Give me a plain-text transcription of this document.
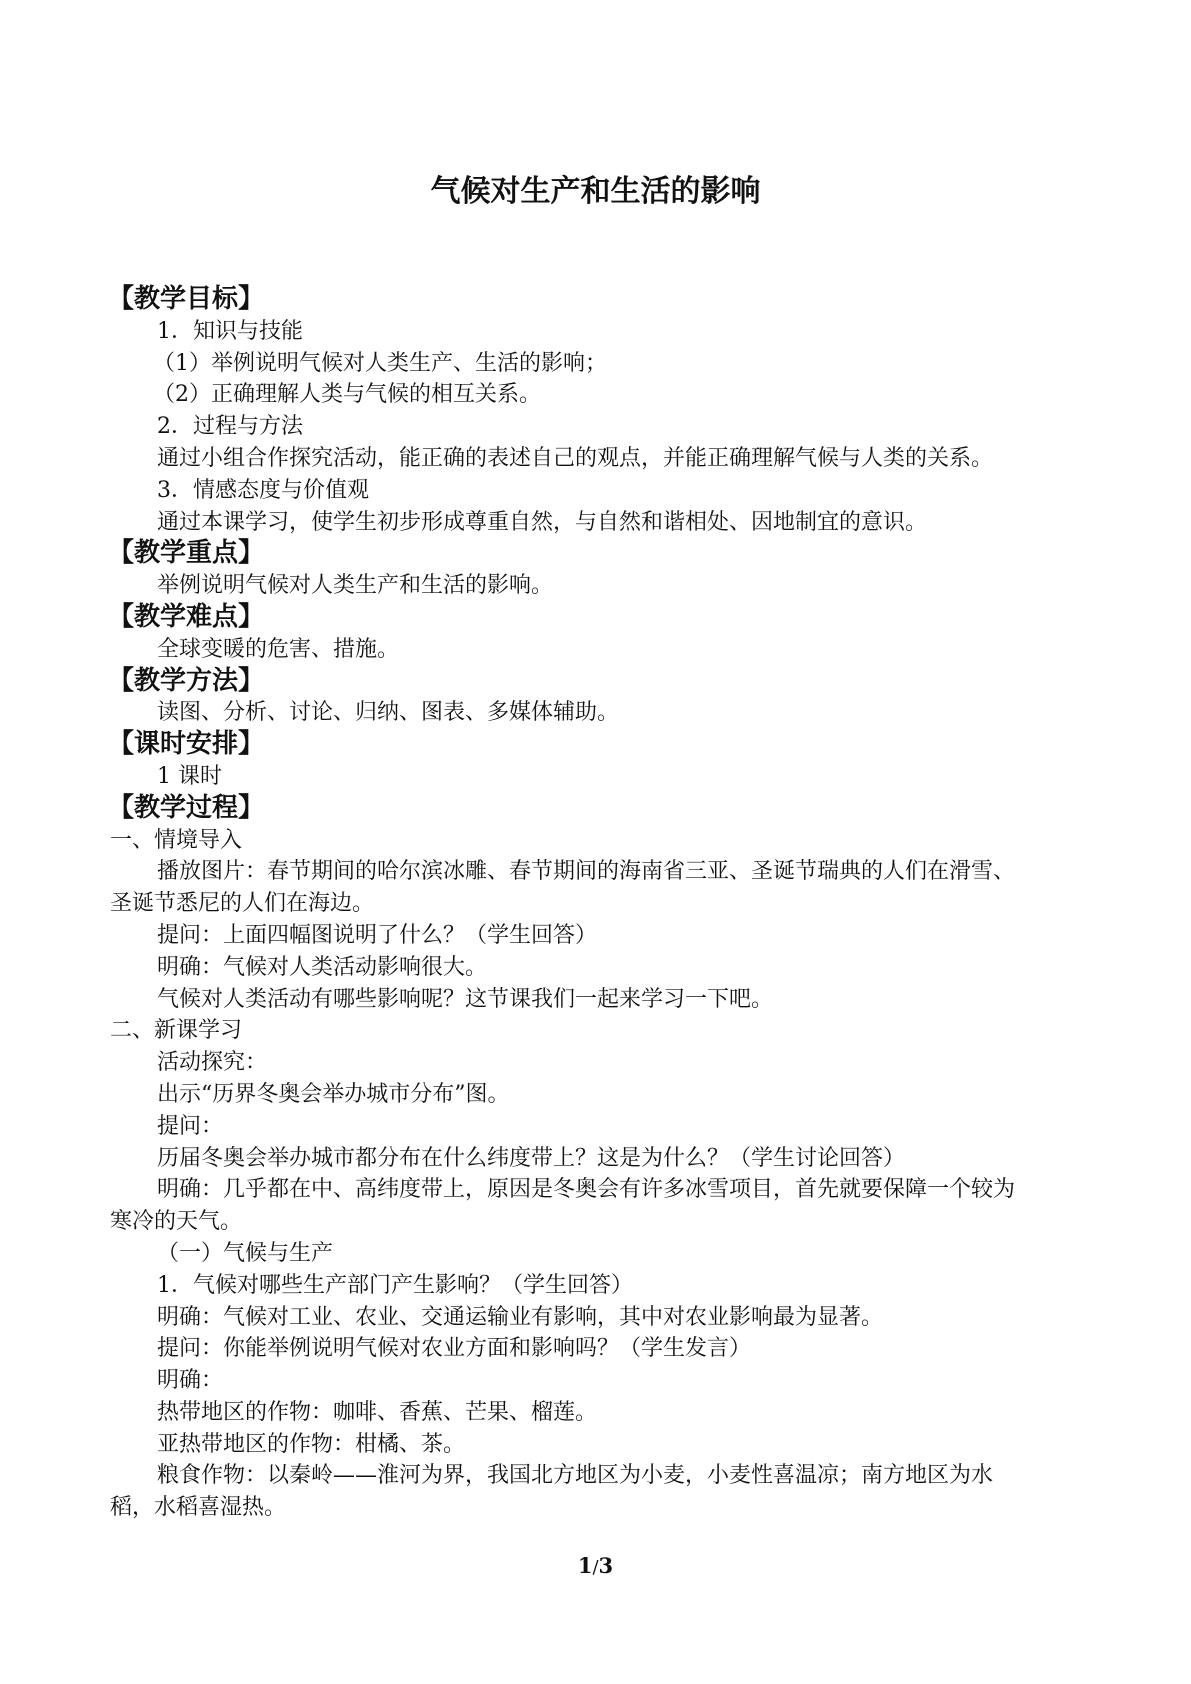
气候对生产和生活的影响
【教学目标】
1．知识与技能
（1）举例说明气候对人类生产、生活的影响；
（2）正确理解人类与气候的相互关系。
2．过程与方法
通过小组合作探究活动，能正确的表述自己的观点，并能正确理解气候与人类的关系。
3．情感态度与价值观
通过本课学习，使学生初步形成尊重自然，与自然和谐相处、因地制宜的意识。
【教学重点】
举例说明气候对人类生产和生活的影响。
【教学难点】
全球变暖的危害、措施。
【教学方法】
读图、分析、讨论、归纳、图表、多媒体辅助。
【课时安排】
1 课时
【教学过程】
一、情境导入
播放图片：春节期间的哈尔滨冰雕、春节期间的海南省三亚、圣诞节瑞典的人们在滑雪、
圣诞节悉尼的人们在海边。
提问：上面四幅图说明了什么？（学生回答）
明确：气候对人类活动影响很大。
气候对人类活动有哪些影响呢？这节课我们一起来学习一下吧。
二、新课学习
活动探究：
出示“历界冬奥会举办城市分布”图。
提问：
历届冬奥会举办城市都分布在什么纬度带上？这是为什么？（学生讨论回答）
明确：几乎都在中、高纬度带上，原因是冬奥会有许多冰雪项目，首先就要保障一个较为
寒冷的天气。
（一）气候与生产
1．气候对哪些生产部门产生影响？（学生回答）
明确：气候对工业、农业、交通运输业有影响，其中对农业影响最为显著。
提问：你能举例说明气候对农业方面和影响吗？（学生发言）
明确：
热带地区的作物：咖啡、香蕉、芒果、榴莲。
亚热带地区的作物：柑橘、茶。
粮食作物：以秦岭——淮河为界，我国北方地区为小麦，小麦性喜温凉；南方地区为水
稻，水稻喜湿热。
1/3
